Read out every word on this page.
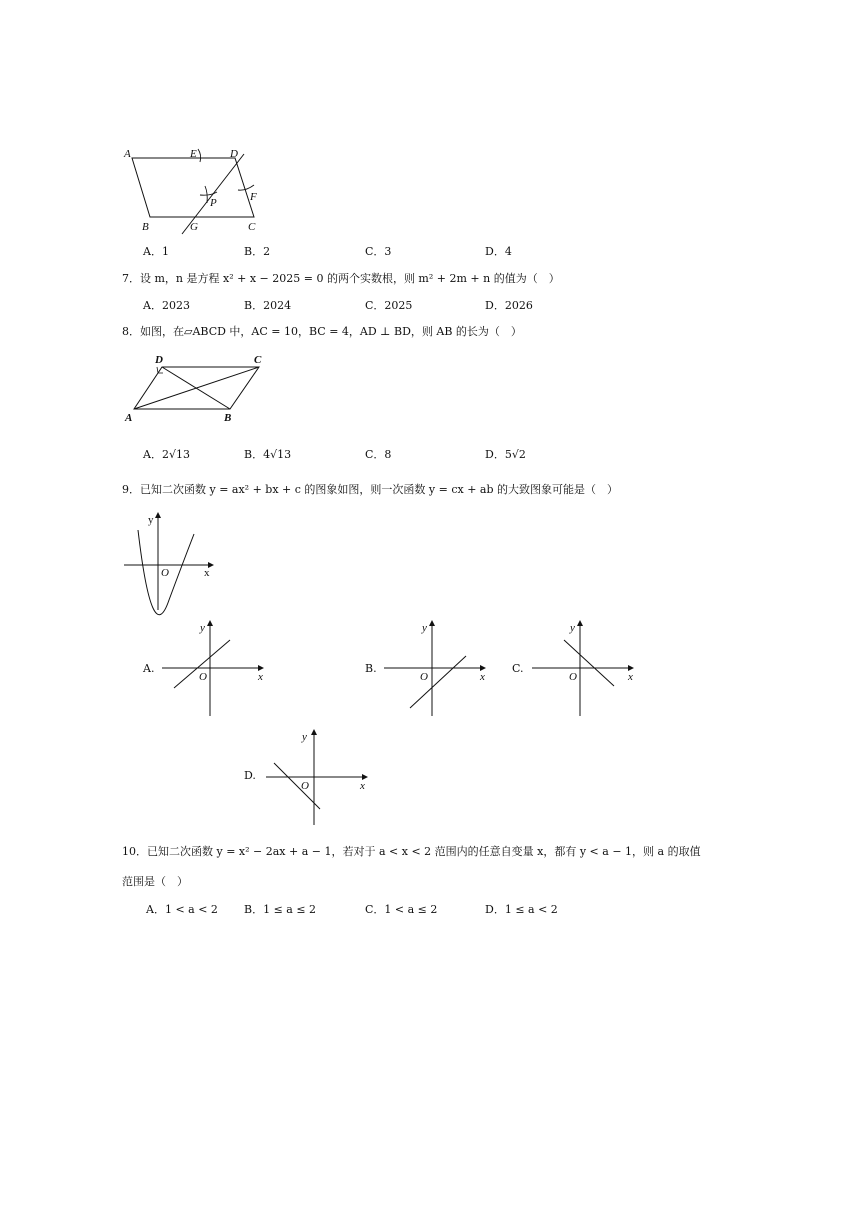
A	E	D
F
P
B	G	C
A．1	B．2	C．3	D．4
7．设 m，n 是方程 x² + x − 2025 = 0 的两个实数根，则 m² + 2m + n 的值为（　）
A．2023	B．2024	C．2025	D．2026
8．如图，在▱ABCD 中，AC = 10，BC = 4，AD ⊥ BD，则 AB 的长为（　）
D	C
A	B
A．2√13	B．4√13	C．8	D．5√2
9．已知二次函数 y = ax² + bx + c 的图象如图，则一次函数 y = cx + ab 的大致图象可能是（　）
y
x
O
A.
y
x
O
B.
y
x
O
C.
y
x
O
D.
y
x
O
10．已知二次函数 y = x² − 2ax + a − 1，若对于 a < x < 2 范围内的任意自变量 x，都有 y < a − 1，则 a 的取值
范围是（　）
A．1 < a < 2 B．1 ≤ a ≤ 2	C．1 < a ≤ 2	D．1 ≤ a < 2
